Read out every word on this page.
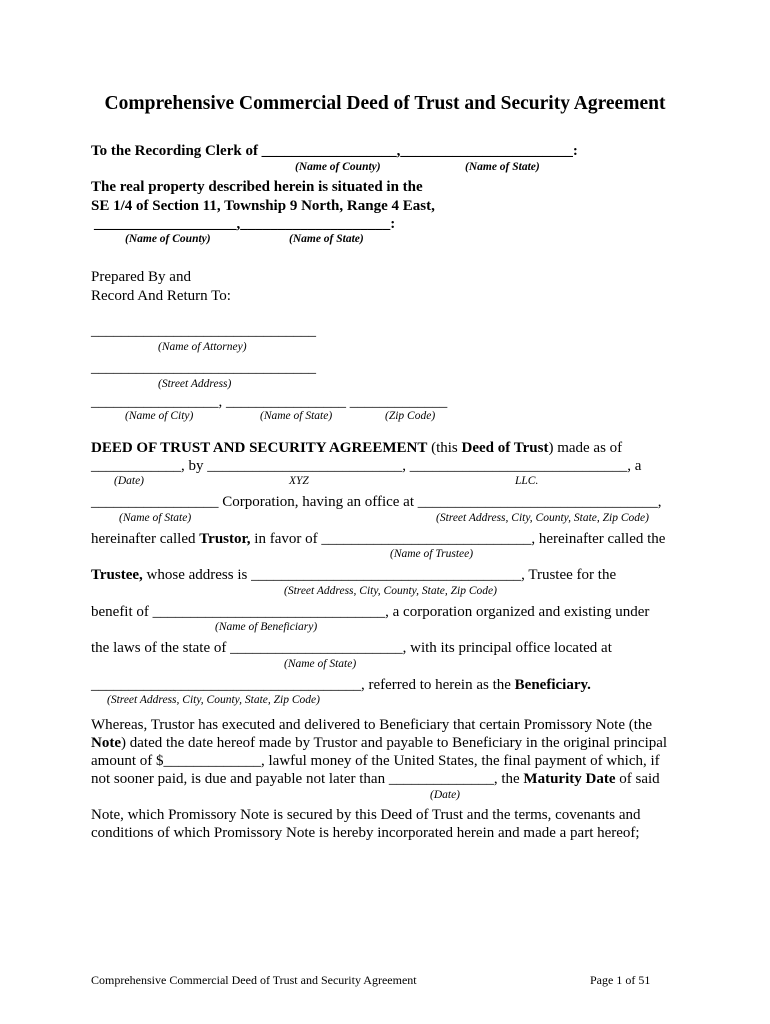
Comprehensive Commercial Deed of Trust and Security Agreement
To the Recording Clerk of __________________,_______________________:
(Name of County)	(Name of State)
The real property described herein is situated in the
SE 1/4 of Section 11, Township 9 North, Range 4 East,
___________________,____________________:
(Name of County)	(Name of State)
Prepared By and
Record And Return To:
______________________________
(Name of Attorney)
______________________________
(Street Address)
_________________, ________________ _____________
(Name of City)	(Name of State)	(Zip Code)
DEED OF TRUST AND SECURITY AGREEMENT (this Deed of Trust) made as of
____________, by __________________________, _____________________________, a
(Date)	XYZ	LLC.
_________________ Corporation, having an office at ________________________________,
(Name of State)	(Street Address, City, County, State, Zip Code)
hereinafter called Trustor, in favor of ____________________________, hereinafter called the
(Name of Trustee)
Trustee, whose address is ____________________________________, Trustee for the
(Street Address, City, County, State, Zip Code)
benefit of _______________________________, a corporation organized and existing under
(Name of Beneficiary)
the laws of the state of _______________________, with its principal office located at
(Name of State)
____________________________________, referred to herein as the Beneficiary.
(Street Address, City, County, State, Zip Code)
Whereas, Trustor has executed and delivered to Beneficiary that certain Promissory Note (the
Note) dated the date hereof made by Trustor and payable to Beneficiary in the original principal
amount of $_____________, lawful money of the United States, the final payment of which, if
not sooner paid, is due and payable not later than ______________, the Maturity Date of said
(Date)
Note, which Promissory Note is secured by this Deed of Trust and the terms, covenants and
conditions of which Promissory Note is hereby incorporated herein and made a part hereof;
Comprehensive Commercial Deed of Trust and Security Agreement	Page 1 of 51
